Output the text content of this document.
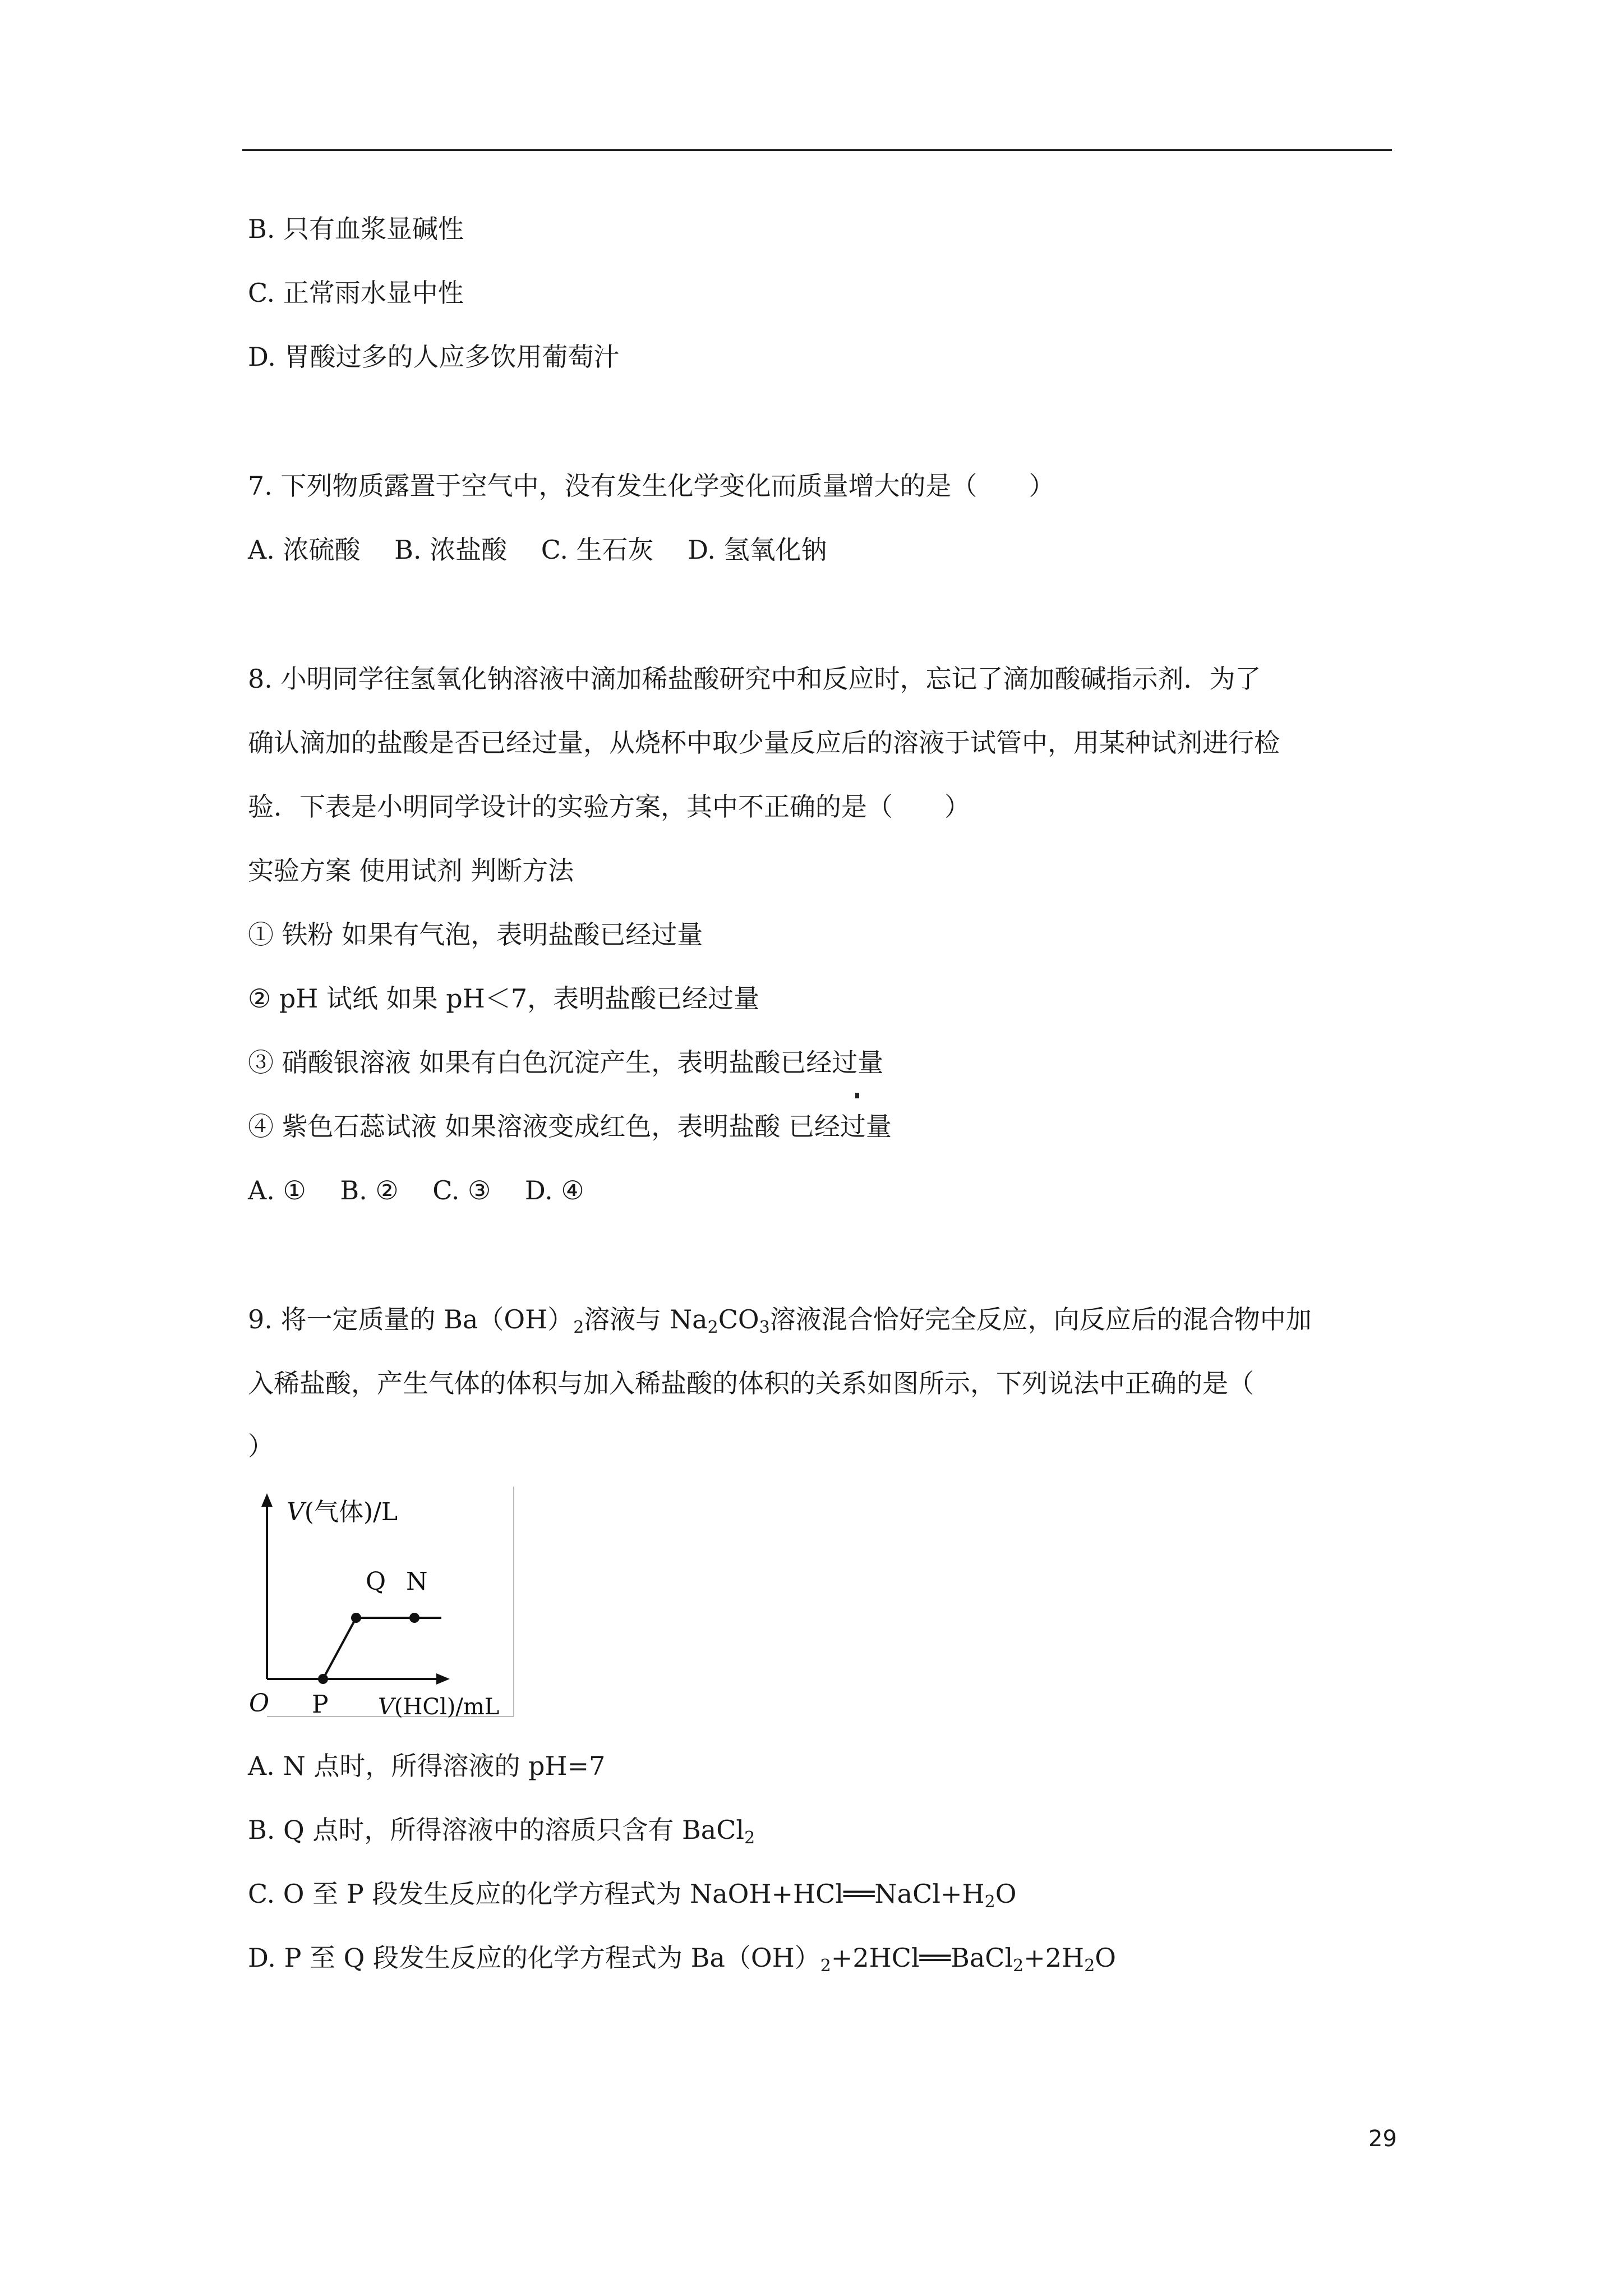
B. 只有血浆显碱性
C. 正常雨水显中性
D. 胃酸过多的人应多饮用葡萄汁
7. 下列物质露置于空气中，没有发生化学变化而质量增大的是（　　）
A. 浓硫酸　 B. 浓盐酸　 C. 生石灰　 D. 氢氧化钠
8. 小明同学往氢氧化钠溶液中滴加稀盐酸研究中和反应时，忘记了滴加酸碱指示剂．为了
确认滴加的盐酸是否已经过量，从烧杯中取少量反应后的溶液于试管中，用某种试剂进行检
验．下表是小明同学设计的实验方案，其中不正确的是（　　）
实验方案 使用试剂 判断方法
① 铁粉 如果有气泡，表明盐酸已经过量
② pH 试纸 如果 pH＜7，表明盐酸已经过量
③ 硝酸银溶液 如果有白色沉淀产生，表明盐酸已经过量
④ 紫色石蕊试液 如果溶液变成红色，表明盐酸 已经过量
A. ①　 B. ②　 C. ③　 D. ④
9. 将一定质量的 $Ba(OH)_2$溶液与 $Na_2CO_3$溶液混合恰好完全反应，向反应后的混合物中加
入稀盐酸，产生气体的体积与加入稀盐酸的体积的关系如图所示，下列说法中正确的是（
）
V(气体)/L
Q N
O P V(HCl)/mL
A. N 点时，所得溶液的 pH=7
B. Q 点时，所得溶液中的溶质只含有 BaCl$_2$
C. O 至 P 段发生反应的化学方程式为 $NaOH+HCl══NaCl+H_2O$
D. P 至 Q 段发生反应的化学方程式为 $Ba(OH)_2+2HCl══BaCl_2+2H_2O$
29
